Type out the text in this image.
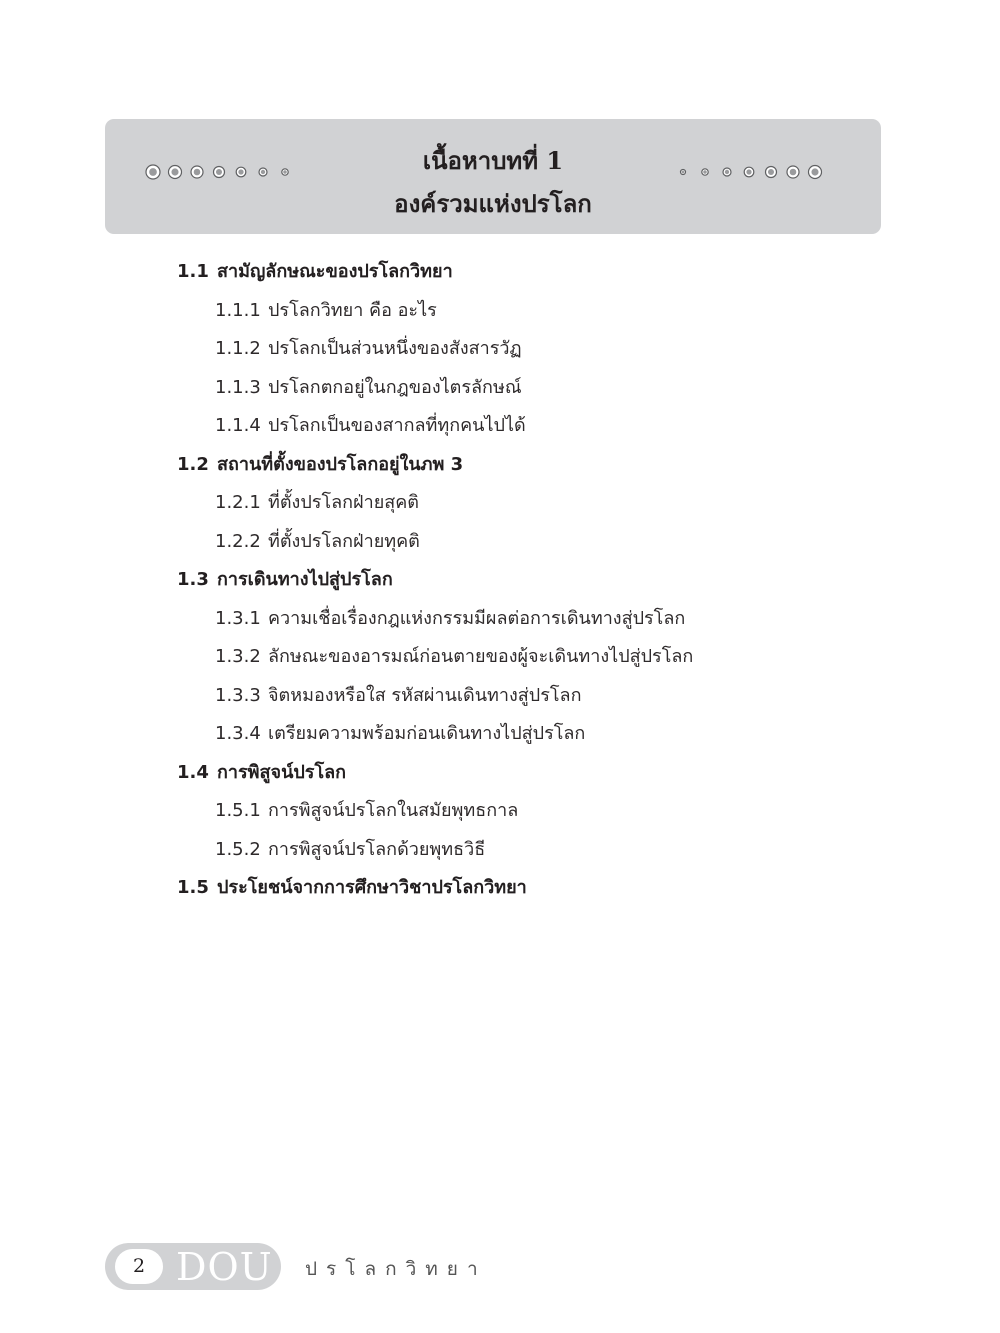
เนื้อหาบทที่ 1
องค์รวมแห่งปรโลก
1.1 สามัญลักษณะของปรโลกวิทยา
1.1.1 ปรโลกวิทยา คือ อะไร
1.1.2 ปรโลกเป็นส่วนหนึ่งของสังสารวัฏ
1.1.3 ปรโลกตกอยู่ในกฎของไตรลักษณ์
1.1.4 ปรโลกเป็นของสากลที่ทุกคนไปได้
1.2 สถานที่ตั้งของปรโลกอยู่ในภพ 3
1.2.1 ที่ตั้งปรโลกฝ่ายสุคติ
1.2.2 ที่ตั้งปรโลกฝ่ายทุคติ
1.3 การเดินทางไปสู่ปรโลก
1.3.1 ความเชื่อเรื่องกฎแห่งกรรมมีผลต่อการเดินทางสู่ปรโลก
1.3.2 ลักษณะของอารมณ์ก่อนตายของผู้จะเดินทางไปสู่ปรโลก
1.3.3 จิตหมองหรือใส รหัสผ่านเดินทางสู่ปรโลก
1.3.4 เตรียมความพร้อมก่อนเดินทางไปสู่ปรโลก
1.4 การพิสูจน์ปรโลก
1.5.1 การพิสูจน์ปรโลกในสมัยพุทธกาล
1.5.2 การพิสูจน์ปรโลกด้วยพุทธวิธี
1.5 ประโยชน์จากการศึกษาวิชาปรโลกวิทยา
2 DOU ปรโลกวิทยา
